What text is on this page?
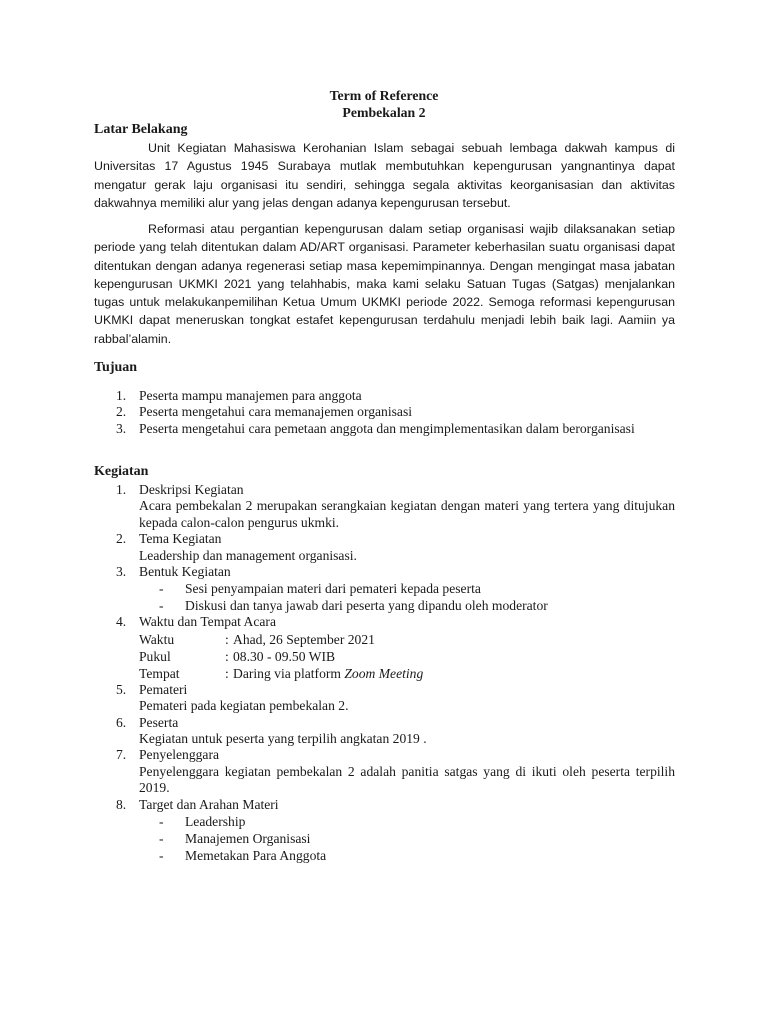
Term of Reference
Pembekalan 2
Latar Belakang

Unit Kegiatan Mahasiswa Kerohanian Islam sebagai sebuah lembaga dakwah kampus di Universitas 17 Agustus 1945 Surabaya mutlak membutuhkan kepengurusan yangnantinya dapat mengatur gerak laju organisasi itu sendiri, sehingga segala aktivitas keorganisasian dan aktivitas dakwahnya memiliki alur yang jelas dengan adanya kepengurusan tersebut.

Reformasi atau pergantian kepengurusan dalam setiap organisasi wajib dilaksanakan setiap periode yang telah ditentukan dalam AD/ART organisasi. Parameter keberhasilan suatu organisasi dapat ditentukan dengan adanya regenerasi setiap masa kepemimpinannya. Dengan mengingat masa jabatan kepengurusan UKMKI 2021 yang telahhabis, maka kami selaku Satuan Tugas (Satgas) menjalankan tugas untuk melakukanpemilihan Ketua Umum UKMKI periode 2022. Semoga reformasi kepengurusan UKMKI dapat meneruskan tongkat estafet kepengurusan terdahulu menjadi lebih baik lagi. Aamiin ya rabbal’alamin.

Tujuan
1. Peserta mampu manajemen para anggota
2. Peserta mengetahui cara memanajemen organisasi
3. Peserta mengetahui cara pemetaan anggota dan mengimplementasikan dalam berorganisasi
Kegiatan
1. Deskripsi Kegiatan
Acara pembekalan 2 merupakan serangkaian kegiatan dengan materi yang tertera yang ditujukan kepada calon-calon pengurus ukmki.
2. Tema Kegiatan
Leadership dan management organisasi.
3. Bentuk Kegiatan
- Sesi penyampaian materi dari pemateri kepada peserta
- Diskusi dan tanya jawab dari peserta yang dipandu oleh moderator
4. Waktu dan Tempat Acara
Waktu	: Ahad, 26 September 2021
Pukul	: 08.30 - 09.50 WIB
Tempat	: Daring via platform Zoom Meeting
5. Pemateri
Pemateri pada kegiatan pembekalan 2.
6. Peserta
Kegiatan untuk peserta yang terpilih angkatan 2019 .
7. Penyelenggara
Penyelenggara kegiatan pembekalan 2 adalah panitia satgas yang di ikuti oleh peserta terpilih 2019.
8. Target dan Arahan Materi
- Leadership
- Manajemen Organisasi
- Memetakan Para Anggota
